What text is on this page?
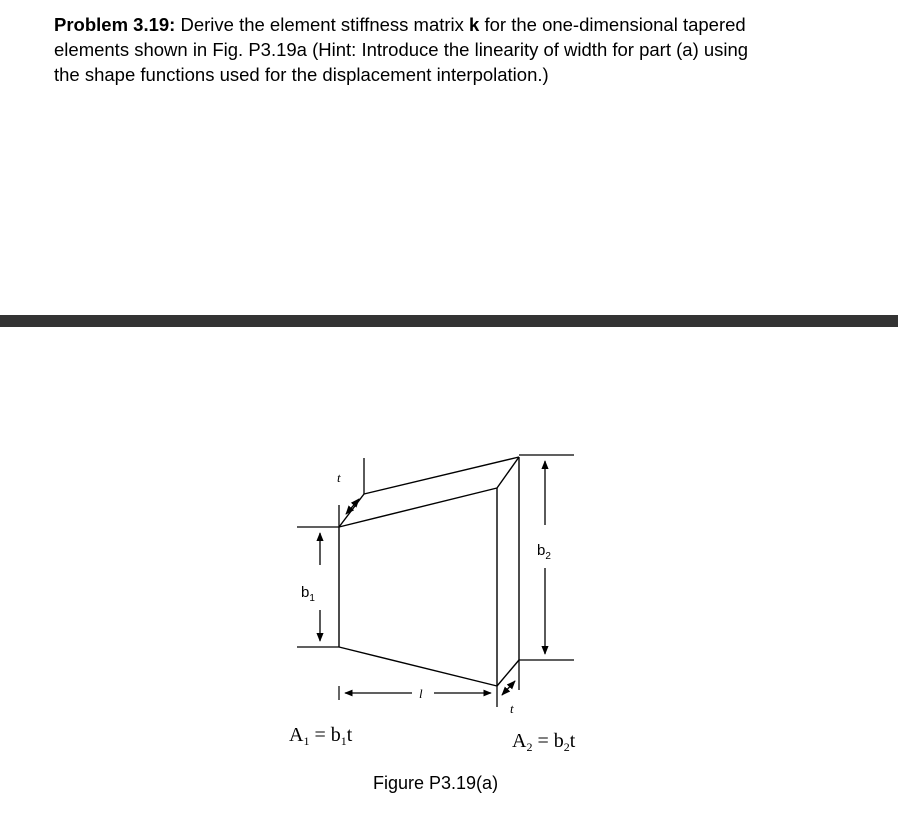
Problem 3.19: Derive the element stiffness matrix k for the one-dimensional tapered
elements shown in Fig. P3.19a (Hint: Introduce the linearity of width for part (a) using
the shape functions used for the displacement interpolation.)
$b_1$
$b_2$
t
t
l
$A_1 = b_1t$	$A_2 = b_2t$
Figure P3.19(a)
